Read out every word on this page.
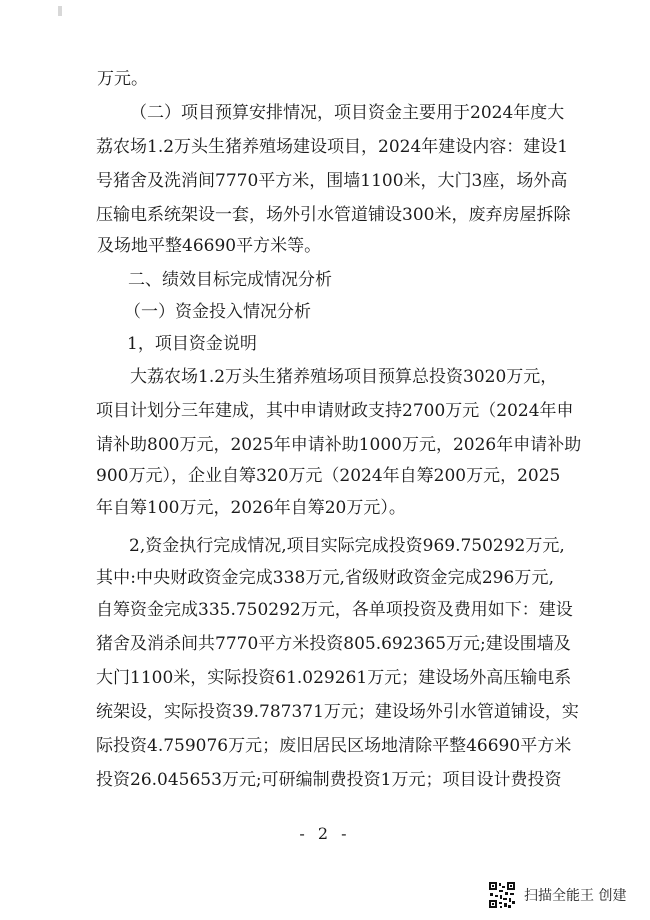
万元。
（二）项目预算安排情况，项目资金主要用于2024年度大
荔农场1.2万头生猪养殖场建设项目，2024年建设内容：建设1
号猪舍及洗消间7770平方米，围墙1100米，大门3座，场外高
压输电系统架设一套，场外引水管道铺设300米，废弃房屋拆除
及场地平整46690平方米等。
二、绩效目标完成情况分析
（一）资金投入情况分析
1，项目资金说明
大荔农场1.2万头生猪养殖场项目预算总投资3020万元，
项目计划分三年建成，其中申请财政支持2700万元（2024年申
请补助800万元，2025年申请补助1000万元，2026年申请补助
900万元），企业自筹320万元（2024年自筹200万元，2025
年自筹100万元，2026年自筹20万元）。
2,资金执行完成情况,项目实际完成投资969.750292万元,
其中:中央财政资金完成338万元,省级财政资金完成296万元,
自筹资金完成335.750292万元，各单项投资及费用如下：建设
猪舍及消杀间共7770平方米投资805.692365万元;建设围墙及
大门1100米，实际投资61.029261万元；建设场外高压输电系
统架设，实际投资39.787371万元；建设场外引水管道铺设，实
际投资4.759076万元；废旧居民区场地清除平整46690平方米
投资26.045653万元;可研编制费投资1万元；项目设计费投资
- 2 -
扫描全能王 创建
